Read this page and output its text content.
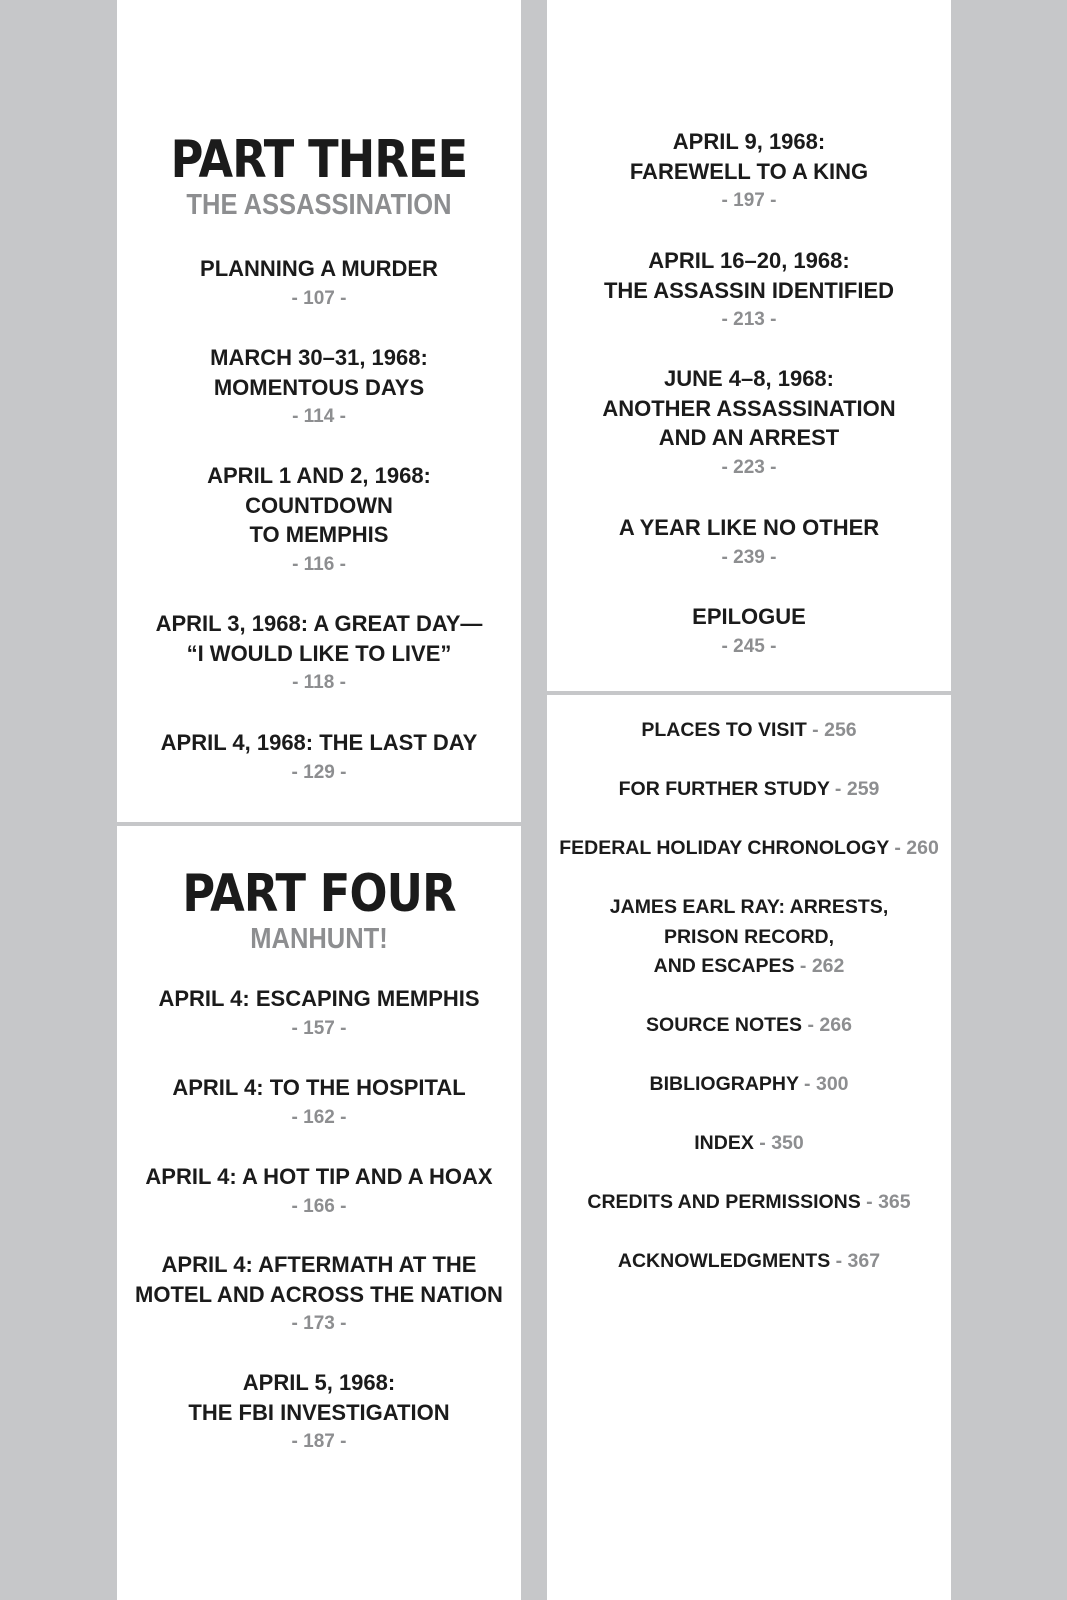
PART THREE
THE ASSASSINATION
PLANNING A MURDER
- 107 -
MARCH 30–31, 1968:
MOMENTOUS DAYS
- 114 -
APRIL 1 AND 2, 1968:
COUNTDOWN
TO MEMPHIS
- 116 -
APRIL 3, 1968: A GREAT DAY—
“I WOULD LIKE TO LIVE”
- 118 -
APRIL 4, 1968: THE LAST DAY
- 129 -
PART FOUR
MANHUNT!
APRIL 4: ESCAPING MEMPHIS
- 157 -
APRIL 4: TO THE HOSPITAL
- 162 -
APRIL 4: A HOT TIP AND A HOAX
- 166 -
APRIL 4: AFTERMATH AT THE
MOTEL AND ACROSS THE NATION
- 173 -
APRIL 5, 1968:
THE FBI INVESTIGATION
- 187 -
APRIL 9, 1968:
FAREWELL TO A KING
- 197 -
APRIL 16–20, 1968:
THE ASSASSIN IDENTIFIED
- 213 -
JUNE 4–8, 1968:
ANOTHER ASSASSINATION
AND AN ARREST
- 223 -
A YEAR LIKE NO OTHER
- 239 -
EPILOGUE
- 245 -
PLACES TO VISIT - 256
FOR FURTHER STUDY - 259
FEDERAL HOLIDAY CHRONOLOGY - 260
JAMES EARL RAY: ARRESTS,
PRISON RECORD,
AND ESCAPES - 262
SOURCE NOTES - 266
BIBLIOGRAPHY - 300
INDEX - 350
CREDITS AND PERMISSIONS - 365
ACKNOWLEDGMENTS - 367
